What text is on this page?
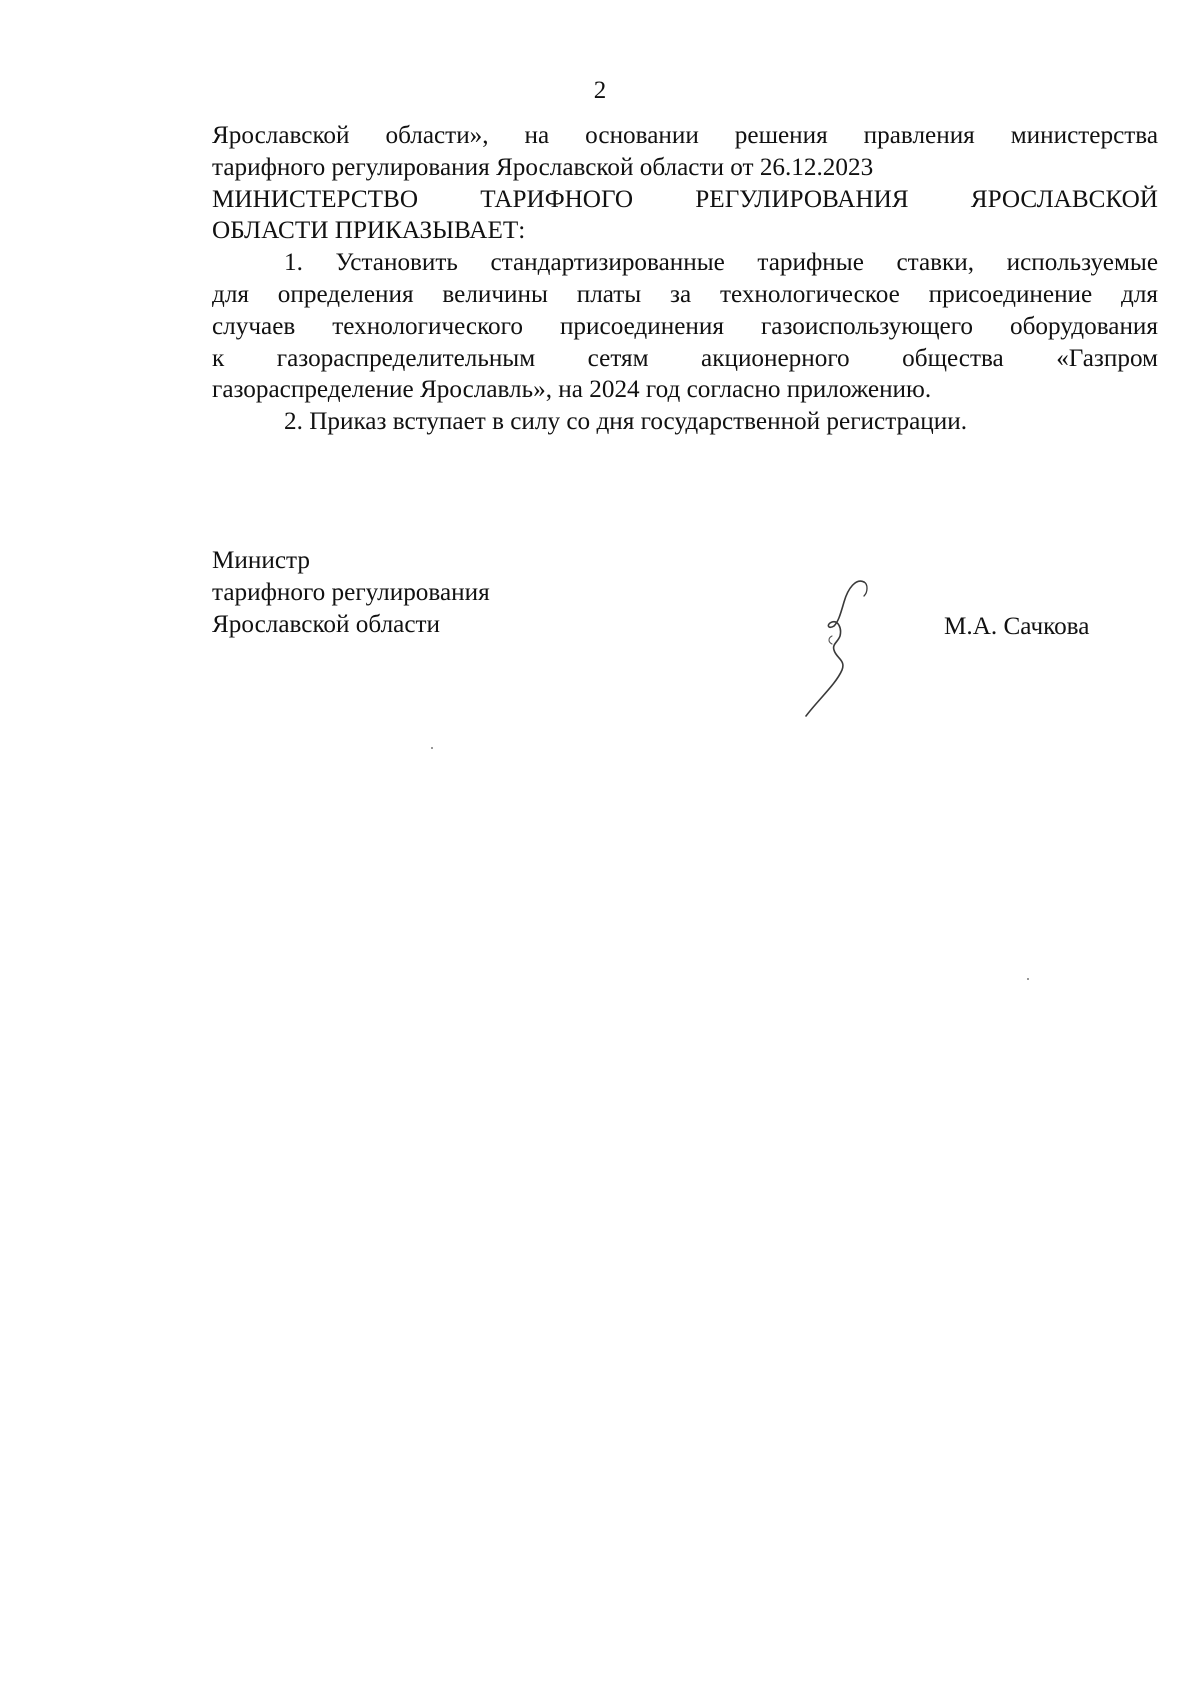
2
Ярославской области», на основании решения правления министерства
тарифного регулирования Ярославской области от 26.12.2023
МИНИСТЕРСТВО ТАРИФНОГО РЕГУЛИРОВАНИЯ ЯРОСЛАВСКОЙ
ОБЛАСТИ ПРИКАЗЫВАЕТ:
1. Установить стандартизированные тарифные ставки, используемые
для определения величины платы за технологическое присоединение для
случаев технологического присоединения газоиспользующего оборудования
к газораспределительным сетям акционерного общества «Газпром
газораспределение Ярославль», на 2024 год согласно приложению.
2. Приказ вступает в силу со дня государственной регистрации.
Министр
тарифного регулирования
Ярославской области	М.А. Сачкова
